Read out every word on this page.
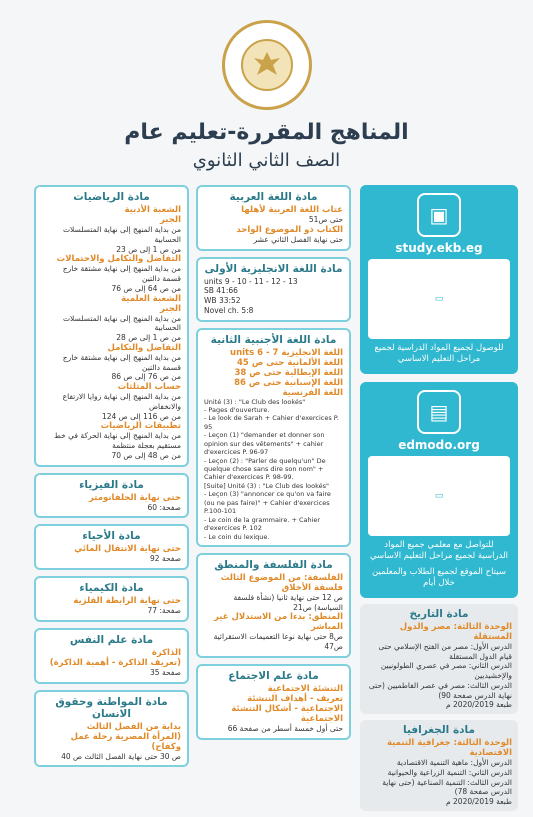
المناهج المقررة-تعليم عام
الصف الثاني الثانوي
▣
study.ekb.eg
▭
للوصول لجميع المواد الدراسية لجميع مراحل التعليم الاساسي
▤
edmodo.org
▭
للتواصل مع معلمي جميع المواد الدراسية لجميع مراحل التعليم الاساسي
سيتاح الموقع لجميع الطلاب والمعلمين خلال أيام
مادة التاريخ
الوحدة الثالثة: مصر والدول المستقلة
الدرس الأول: مصر من الفتح الإسلامي حتى قيام الدول المستقلة
الدرس الثاني: مصر في عصري الطولونيين والإخشيديين
الدرس الثالث: مصر في عصر الفاطميين (حتى نهاية الدرس صفحة 90)
طبعة 2020/2019 م
مادة الجغرافيا
الوحدة الثالثة: جغرافية التنمية الاقتصادية
الدرس الأول: ماهية التنمية الاقتصادية
الدرس الثاني: التنمية الزراعية والحيوانية
الدرس الثالث: التنمية الصناعية (حتى نهاية الدرس صفحة 78)
طبعة 2020/2019 م
مادة اللغة العربية
عتاب اللغة العربية لأهلها
حتى ص51
الكتاب ذو الموضوع الواحد
حتى نهاية الفصل الثاني عشر
مادة اللغة الانجليزية الأولى
units 9 - 10 - 11 - 12 - 13
SB 41:66
WB 33:52
Novel ch. 5:8
مادة اللغة الأجنبية الثانية
اللغة الانجليزية units 6 - 7
اللغة الألمانية حتى ص 45
اللغة الإيطالية حتى ص 38
اللغة الإسبانية حتى ص 86
اللغة الفرنسية
Unité (3) : "Le Club des lookés"
- Pages d'ouverture.
- Le look de Sarah + Cahier d'exercices P. 95
- Leçon (1) "demander et donner son opinion sur des vêtements" + cahier d'exercices P. 96-97
- Leçon (2) : "Parler de quelqu'un" De quelque chose sans dire son nom" + Cahier d'exercices P. 98-99.
[Suite] Unité (3) : "Le Club des lookés"
- Leçon (3) "annoncer ce qu'on va faire (ou ne pas faire)" + Cahier d'exercices P.100-101
- Le coin de la grammaire. + Cahier d'exercices P. 102
- Le coin du lexique.
مادة الفلسفة والمنطق
الفلسفة: من الموضوع الثالث فلسفة الأخلاق
ص 12 حتى نهاية ثانيا (نشأة فلسفة السياسة) ص21
المنطق: بدءا من الاستدلال غير المباشر
ص8 حتى نهاية نوعا التعميمات الاستقرائية ص47
مادة علم الاجتماع
التنشئة الاجتماعية
تعريف - أهداف التنشئة الاجتماعية - أشكال التنشئة الاجتماعية
حتى أول خمسة أسطر من صفحة 66
مادة الرياضيات
الشعبة الأدبية
الجبر
من بداية المنهج إلى نهاية المتسلسلات الحسابية
من ص 1 إلى ص 23
التفاضل والتكامل والاحتمالات
من بداية المنهج إلى نهاية مشتقة خارج قسمة دالتين
من ص 64 إلى ص 76
الشعبة العلمية
الجبر
من بداية المنهج إلى نهاية المتسلسلات الحسابية
من ص 1 إلى ص 28
التفاضل والتكامل
من بداية المنهج إلى نهاية مشتقة خارج قسمة دالتين
من ص 76 إلى ص 86
حساب المثلثات
من بداية المنهج إلى نهاية زوايا الارتفاع والانخفاض
من ص 116 إلى ص 124
تطبيقات الرياضيات
من بداية المنهج إلى نهاية الحركة في خط مستقيم بعجلة منتظمة
من ص 48 إلى ص 70
مادة الفيزياء
حتى نهاية الجلفانومتر
صفحة: 60
مادة الأحياء
حتى نهاية الانتقال المائي
صفحة 92
مادة الكيمياء
حتى نهاية الرابطة الفلزية
صفحة: 77
مادة علم النفس
الذاكرة
(تعريف الذاكرة - أهمية الذاكرة)
صفحة 35
مادة المواطنة وحقوق الانسان
بداية من الفصل الثالث
(المرأة المصرية رحلة عمل وكفاح)
ص 30 حتى نهاية الفصل الثالث ص 40
